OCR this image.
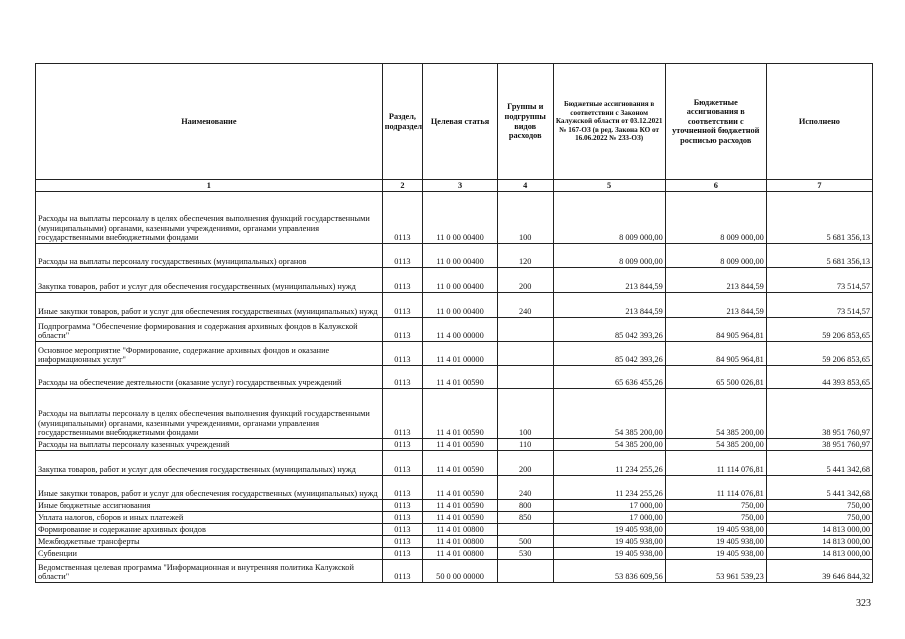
Наименование	Раздел, подраздел	Целевая статья	Группы и подгруппы видов расходов	Бюджетные ассигнования в соответствии с Законом Калужской области от 03.12.2021 № 167-ОЗ (в ред. Закона КО от 16.06.2022 № 233-ОЗ)	Бюджетные ассигнования в соответствии с уточненной бюджетной росписью расходов	Исполнено
1	2	3	4	5	6	7
Расходы на выплаты персоналу в целях обеспечения выполнения функций государственными (муниципальными) органами, казенными учреждениями, органами управления государственными внебюджетными фондами	0113	11 0 00 00400	100	8 009 000,00	8 009 000,00	5 681 356,13
Расходы на выплаты персоналу государственных (муниципальных) органов	0113	11 0 00 00400	120	8 009 000,00	8 009 000,00	5 681 356,13
Закупка товаров, работ и услуг для обеспечения государственных (муниципальных) нужд	0113	11 0 00 00400	200	213 844,59	213 844,59	73 514,57
Иные закупки товаров, работ и услуг для обеспечения государственных (муниципальных) нужд	0113	11 0 00 00400	240	213 844,59	213 844,59	73 514,57
Подпрограмма "Обеспечение формирования и содержания архивных фондов в Калужской области"	0113	11 4 00 00000		85 042 393,26	84 905 964,81	59 206 853,65
Основное мероприятие "Формирование, содержание архивных фондов и оказание информационных услуг"	0113	11 4 01 00000		85 042 393,26	84 905 964,81	59 206 853,65
Расходы на обеспечение деятельности (оказание услуг) государственных учреждений	0113	11 4 01 00590		65 636 455,26	65 500 026,81	44 393 853,65
Расходы на выплаты персоналу в целях обеспечения выполнения функций государственными (муниципальными) органами, казенными учреждениями, органами управления государственными внебюджетными фондами	0113	11 4 01 00590	100	54 385 200,00	54 385 200,00	38 951 760,97
Расходы на выплаты персоналу казенных учреждений	0113	11 4 01 00590	110	54 385 200,00	54 385 200,00	38 951 760,97
Закупка товаров, работ и услуг для обеспечения государственных (муниципальных) нужд	0113	11 4 01 00590	200	11 234 255,26	11 114 076,81	5 441 342,68
Иные закупки товаров, работ и услуг для обеспечения государственных (муниципальных) нужд	0113	11 4 01 00590	240	11 234 255,26	11 114 076,81	5 441 342,68
Иные бюджетные ассигнования	0113	11 4 01 00590	800	17 000,00	750,00	750,00
Уплата налогов, сборов и иных платежей	0113	11 4 01 00590	850	17 000,00	750,00	750,00
Формирование и содержание архивных фондов	0113	11 4 01 00800		19 405 938,00	19 405 938,00	14 813 000,00
Межбюджетные трансферты	0113	11 4 01 00800	500	19 405 938,00	19 405 938,00	14 813 000,00
Субвенции	0113	11 4 01 00800	530	19 405 938,00	19 405 938,00	14 813 000,00
Ведомственная целевая программа "Информационная и внутренняя политика Калужской области"	0113	50 0 00 00000		53 836 609,56	53 961 539,23	39 646 844,32
323
